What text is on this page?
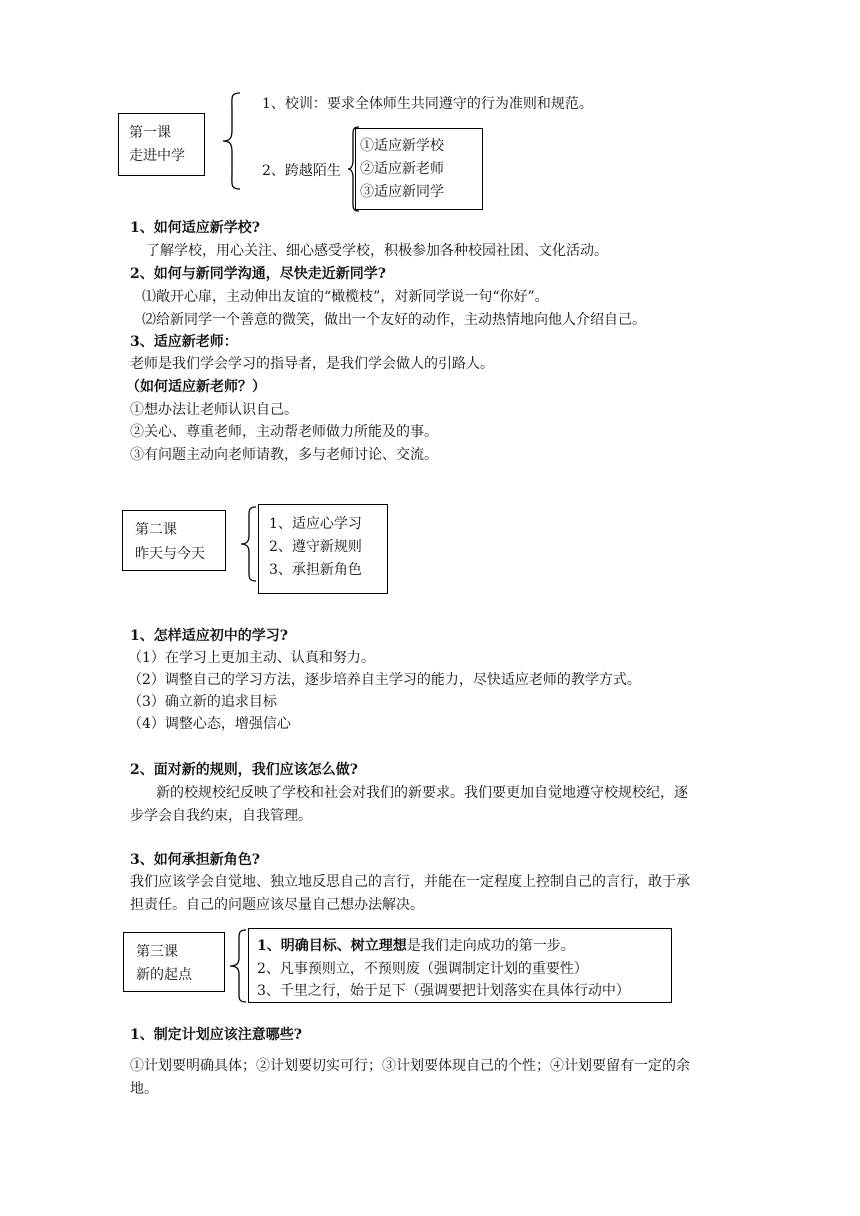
第一课
走进中学
1、校训：要求全体师生共同遵守的行为准则和规范。
2、跨越陌生
①适应新学校
②适应新老师
③适应新同学
1、如何适应新学校?
了解学校，用心关注、细心感受学校，积极参加各种校园社团、文化活动。
2、如何与新同学沟通，尽快走近新同学?
⑴敞开心扉，主动伸出友谊的“橄榄枝”，对新同学说一句“你好”。
⑵给新同学一个善意的微笑，做出一个友好的动作，主动热情地向他人介绍自己。
3、适应新老师：
老师是我们学会学习的指导者，是我们学会做人的引路人。
（如何适应新老师？）
①想办法让老师认识自己。
②关心、尊重老师，主动帮老师做力所能及的事。
③有问题主动向老师请教，多与老师讨论、交流。
第二课
昨天与今天
1、适应心学习
2、遵守新规则
3、承担新角色
1、怎样适应初中的学习?
（1）在学习上更加主动、认真和努力。
（2）调整自己的学习方法，逐步培养自主学习的能力，尽快适应老师的教学方式。
（3）确立新的追求目标
（4）调整心态，增强信心
2、面对新的规则，我们应该怎么做?
新的校规校纪反映了学校和社会对我们的新要求。我们要更加自觉地遵守校规校纪，逐
步学会自我约束，自我管理。
3、如何承担新角色?
我们应该学会自觉地、独立地反思自己的言行，并能在一定程度上控制自己的言行，敢于承
担责任。自己的问题应该尽量自己想办法解决。
第三课
新的起点
1、明确目标、树立理想是我们走向成功的第一步。
2、凡事预则立，不预则废（强调制定计划的重要性）
3、千里之行，始于足下（强调要把计划落实在具体行动中）
1、制定计划应该注意哪些?
①计划要明确具体；②计划要切实可行；③计划要体现自己的个性；④计划要留有一定的余
地。
